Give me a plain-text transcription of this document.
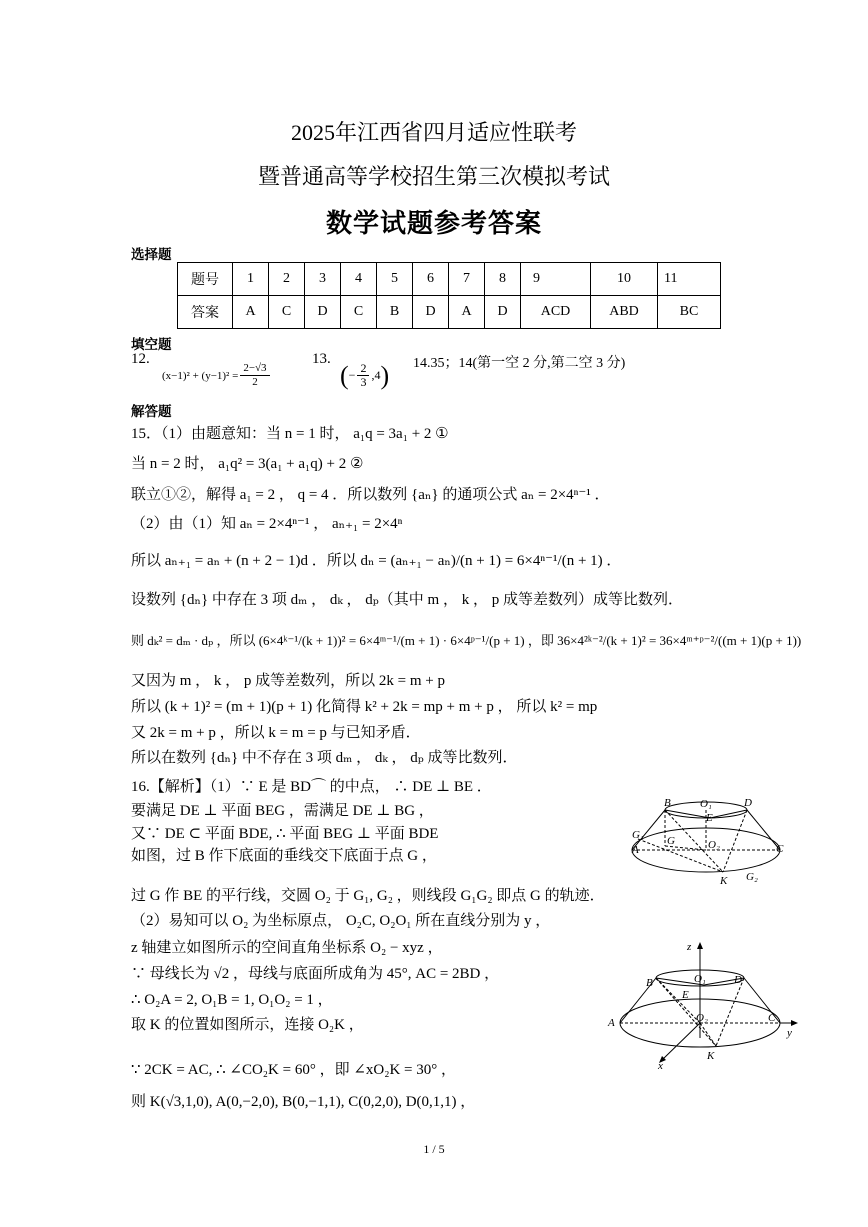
2025年江西省四月适应性联考
暨普通高等学校招生第三次模拟考试
数学试题参考答案
选择题
题号	1	2	3	4	5	6	7	8	9	10	11
答案	A	C	D	C	B	D	A	D	ACD	ABD	BC
填空题
12.
$(x-1)^2 + (y-1)^2 = \frac{2-√3}{2}$
13.
( − $\frac{2}{3} ,4$ ) 14.35；14(第一空 2 分,第二空 3 分)
解答题
15．（1）由题意知：当 n = 1 时， a₁q = 3a₁ + 2 ①
当 n = 2 时， a₁q² = 3(a₁ + a₁q) + 2 ②
联立①②，解得 a₁ = 2 ， q = 4 ．所以数列 {aₙ} 的通项公式 aₙ = 2×4ⁿ⁻¹ ．
（2）由（1）知 aₙ = 2×4ⁿ⁻¹ ， aₙ₊₁ = 2×4ⁿ
所以 aₙ₊₁ = aₙ + (n + 2 − 1)d ．所以 dₙ = (aₙ₊₁ − aₙ)/(n + 1) = 6×4ⁿ⁻¹/(n + 1) ．
设数列 {dₙ} 中存在 3 项 dₘ ， dₖ ， dₚ（其中 m ， k ， p 成等差数列）成等比数列．
则 dₖ² = dₘ · dₚ ，所以 (6×4ᵏ⁻¹/(k + 1))² = 6×4ᵐ⁻¹/(m + 1) · 6×4ᵖ⁻¹/(p + 1) ，即 36×4²ᵏ⁻²/(k + 1)² = 36×4ᵐ⁺ᵖ⁻²/((m + 1)(p + 1))
又因为 m ， k ， p 成等差数列，所以 2k = m + p
所以 (k + 1)² = (m + 1)(p + 1) 化简得 k² + 2k = mp + m + p ， 所以 k² = mp
又 2k = m + p ，所以 k = m = p 与已知矛盾．
所以在数列 {dₙ} 中不存在 3 项 dₘ ， dₖ ， dₚ 成等比数列．
16.【解析】（1）∵ E 是 BD⌒ 的中点， ∴ DE ⊥ BE ．
要满足 DE ⊥ 平面 BEG ，需满足 DE ⊥ BG ，
又∵ DE ⊂ 平面 BDE, ∴ 平面 BEG ⊥ 平面 BDE
如图，过 B 作下底面的垂线交下底面于点 G ，
过 G 作 BE 的平行线，交圆 O₂ 于 G₁, G₂ ，则线段 G₁G₂ 即点 G 的轨迹．
（2）易知可以 O₂ 为坐标原点， O₂C, O₂O₁ 所在直线分别为 y ，
z 轴建立如图所示的空间直角坐标系 O₂ − xyz ，
∵ 母线长为 √2 ，母线与底面所成角为 45°, AC = 2BD ，
∴ O₂A = 2, O₁B = 1, O₁O₂ = 1 ，
取 K 的位置如图所示，连接 O₂K ，
∵ 2CK = AC, ∴ ∠CO₂K = 60° ，即 ∠xO₂K = 30° ，
则 K(√3,1,0), A(0,−2,0), B(0,−1,1), C(0,2,0), D(0,1,1) ，
B	O₁	D
E
G₁
A
G	O₂	C
K G₂
z
B	O₁	D
E
A	O₂	C
y
x
K
1 / 5
